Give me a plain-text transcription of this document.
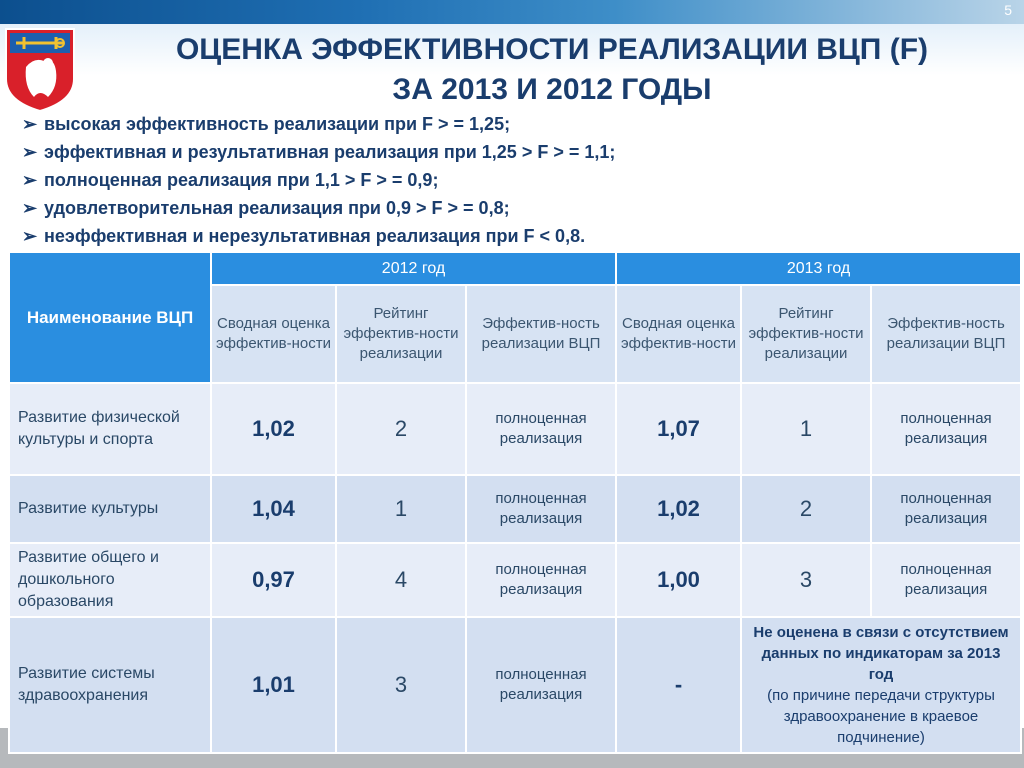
5
ОЦЕНКА ЭФФЕКТИВНОСТИ РЕАЛИЗАЦИИ ВЦП (F)
ЗА 2013 И 2012 ГОДЫ
➢ высокая эффективность реализации при F > = 1,25;
➢ эффективная и результативная реализация при 1,25 > F > = 1,1;
➢ полноценная реализация при 1,1 > F > = 0,9;
➢ удовлетворительная реализация при 0,9 > F > = 0,8;
➢ неэффективная и нерезультативная реализация при F < 0,8.
Наименование ВЦП	2012 год			2013 год		
	Сводная оценка эффектив-ности	Рейтинг эффектив-ности реализации	Эффектив-ность реализации ВЦП	Сводная оценка эффектив-ности	Рейтинг эффектив-ности реализации	Эффектив-ность реализации ВЦП
Развитие физической культуры и спорта	1,02	2	полноценная реализация	1,07	1	полноценная реализация
Развитие культуры	1,04	1	полноценная реализация	1,02	2	полноценная реализация
Развитие общего и дошкольного образования	0,97	4	полноценная реализация	1,00	3	полноценная реализация
Развитие системы здравоохранения	1,01	3	полноценная реализация	-	Не оценена в связи с отсутствием данных по индикаторам за 2013 год
(по причине передачи структуры здравоохранение в краевое подчинение)	
